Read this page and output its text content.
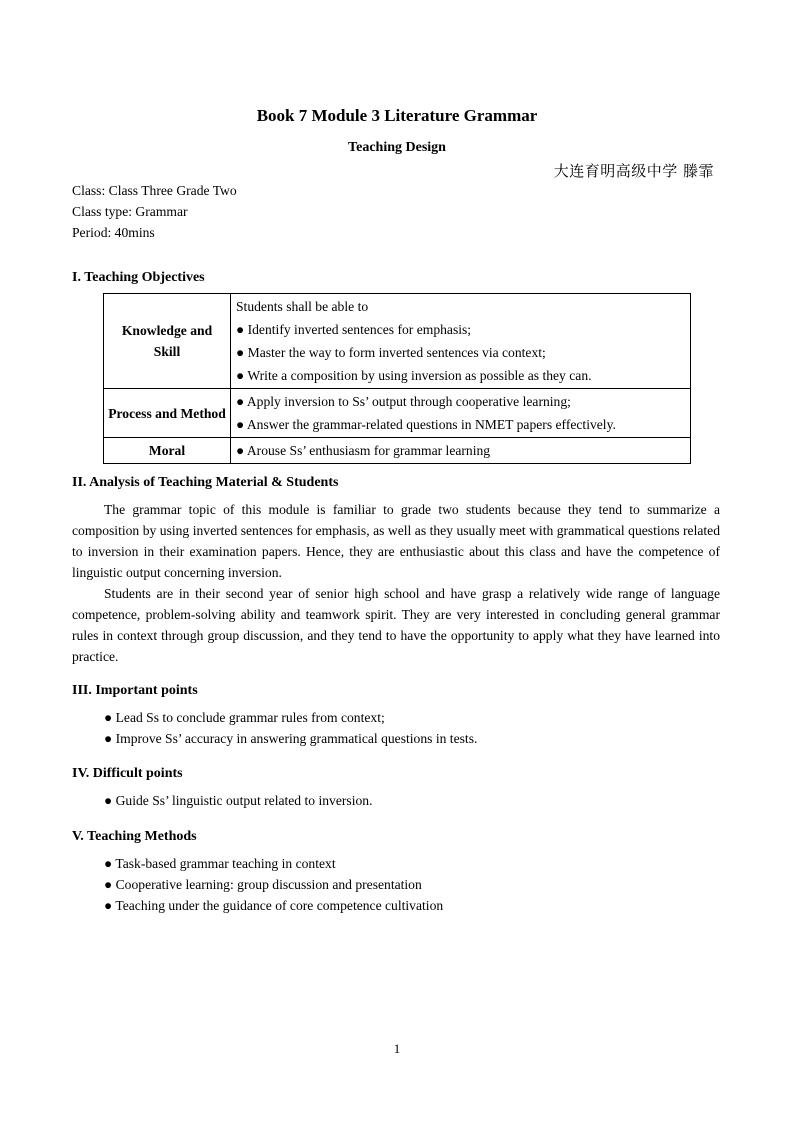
Book 7 Module 3 Literature Grammar
Teaching Design
大连育明高级中学 滕霏
Class: Class Three Grade Two
Class type: Grammar
Period: 40mins
I. Teaching Objectives
Knowledge and Skill	Students shall be able to
● Identify inverted sentences for emphasis;
● Master the way to form inverted sentences via context;
● Write a composition by using inversion as possible as they can.

Process and Method	● Apply inversion to Ss’ output through cooperative learning;
● Answer the grammar-related questions in NMET papers effectively.

Moral	● Arouse Ss’ enthusiasm for grammar learning
II. Analysis of Teaching Material & Students

The grammar topic of this module is familiar to grade two students because they tend to summarize a composition by using inverted sentences for emphasis, as well as they usually meet with grammatical questions related to inversion in their examination papers. Hence, they are enthusiastic about this class and have the competence of linguistic output concerning inversion.

Students are in their second year of senior high school and have grasp a relatively wide range of language competence, problem-solving ability and teamwork spirit. They are very interested in concluding general grammar rules in context through group discussion, and they tend to have the opportunity to apply what they have learned into practice.

III. Important points
● Lead Ss to conclude grammar rules from context;
● Improve Ss’ accuracy in answering grammatical questions in tests.
IV. Difficult points
● Guide Ss’ linguistic output related to inversion.
V. Teaching Methods
● Task-based grammar teaching in context
● Cooperative learning: group discussion and presentation
● Teaching under the guidance of core competence cultivation
1
